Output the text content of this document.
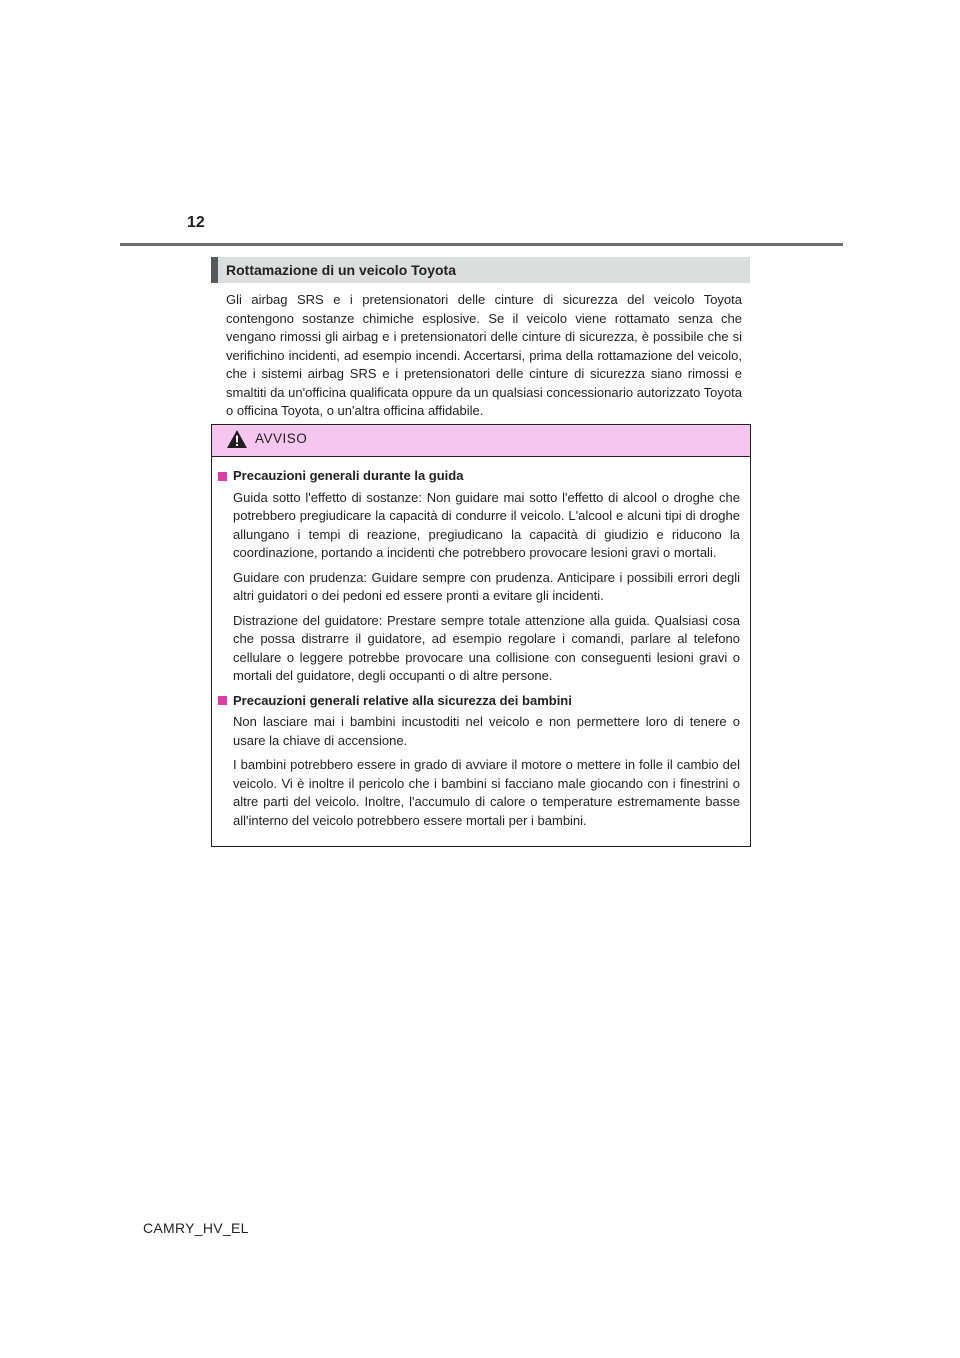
12
Rottamazione di un veicolo Toyota

Gli airbag SRS e i pretensionatori delle cinture di sicurezza del veicolo Toyota contengono sostanze chimiche esplosive. Se il veicolo viene rottamato senza che vengano rimossi gli airbag e i pretensionatori delle cinture di sicurezza, è possibile che si verifichino incidenti, ad esempio incendi. Accertarsi, prima della rottamazione del veicolo, che i sistemi airbag SRS e i pretensionatori delle cinture di sicurezza siano rimossi e smaltiti da un'officina qualificata oppure da un qualsiasi concessionario autorizzato Toyota o officina Toyota, o un'altra officina affidabile.

AVVISO
Precauzioni generali durante la guida

Guida sotto l'effetto di sostanze: Non guidare mai sotto l'effetto di alcool o droghe che potrebbero pregiudicare la capacità di condurre il veicolo. L'alcool e alcuni tipi di droghe allungano i tempi di reazione, pregiudicano la capacità di giudizio e riducono la coordinazione, portando a incidenti che potrebbero provocare lesioni gravi o mortali.

Guidare con prudenza: Guidare sempre con prudenza. Anticipare i possibili errori degli altri guidatori o dei pedoni ed essere pronti a evitare gli incidenti.

Distrazione del guidatore: Prestare sempre totale attenzione alla guida. Qualsiasi cosa che possa distrarre il guidatore, ad esempio regolare i comandi, parlare al telefono cellulare o leggere potrebbe provocare una collisione con conseguenti lesioni gravi o mortali del guidatore, degli occupanti o di altre persone.

Precauzioni generali relative alla sicurezza dei bambini

Non lasciare mai i bambini incustoditi nel veicolo e non permettere loro di tenere o usare la chiave di accensione.

I bambini potrebbero essere in grado di avviare il motore o mettere in folle il cambio del veicolo. Vi è inoltre il pericolo che i bambini si facciano male giocando con i finestrini o altre parti del veicolo. Inoltre, l'accumulo di calore o temperature estremamente basse all'interno del veicolo potrebbero essere mortali per i bambini.

CAMRY_HV_EL
